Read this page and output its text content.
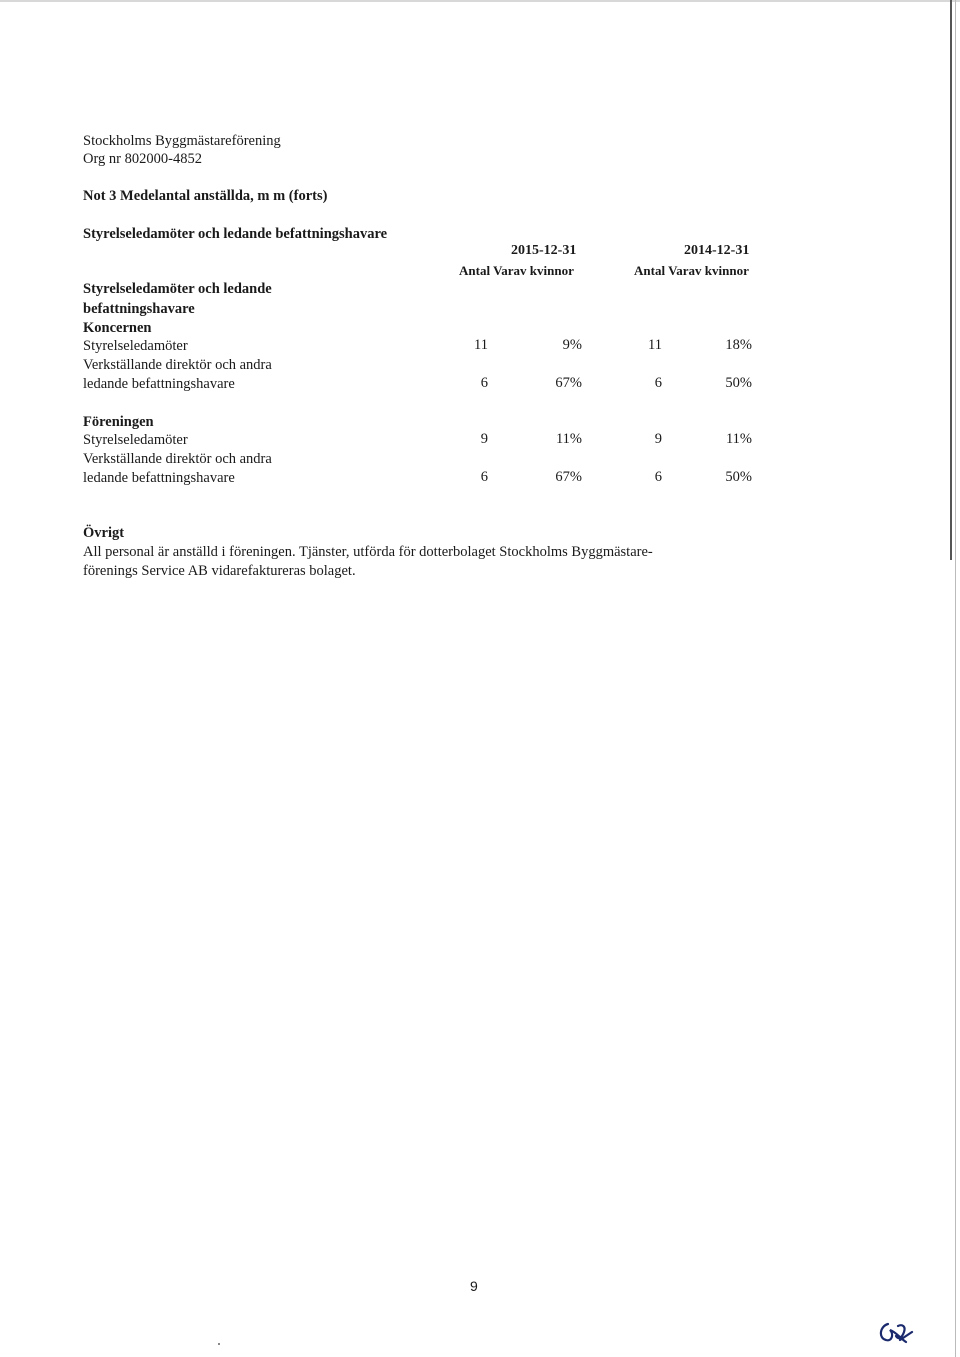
Stockholms Byggmästareförening
Org nr 802000-4852
Not 3 Medelantal anställda, m m (forts)
Styrelseledamöter och ledande befattningshavare
2015-12-31	2014-12-31
Antal Varav kvinnor	Antal Varav kvinnor
Styrelseledamöter och ledande
befattningshavare
Koncernen
Styrelseledamöter	11	9%	11	18%
Verkställande direktör och andra
ledande befattningshavare	6	67%	6	50%
Föreningen
Styrelseledamöter	9	11%	9	11%
Verkställande direktör och andra
ledande befattningshavare	6	67%	6	50%
Övrigt
All personal är anställd i föreningen. Tjänster, utförda för dotterbolaget Stockholms Byggmästare-
förenings Service AB vidarefaktureras bolaget.
9
